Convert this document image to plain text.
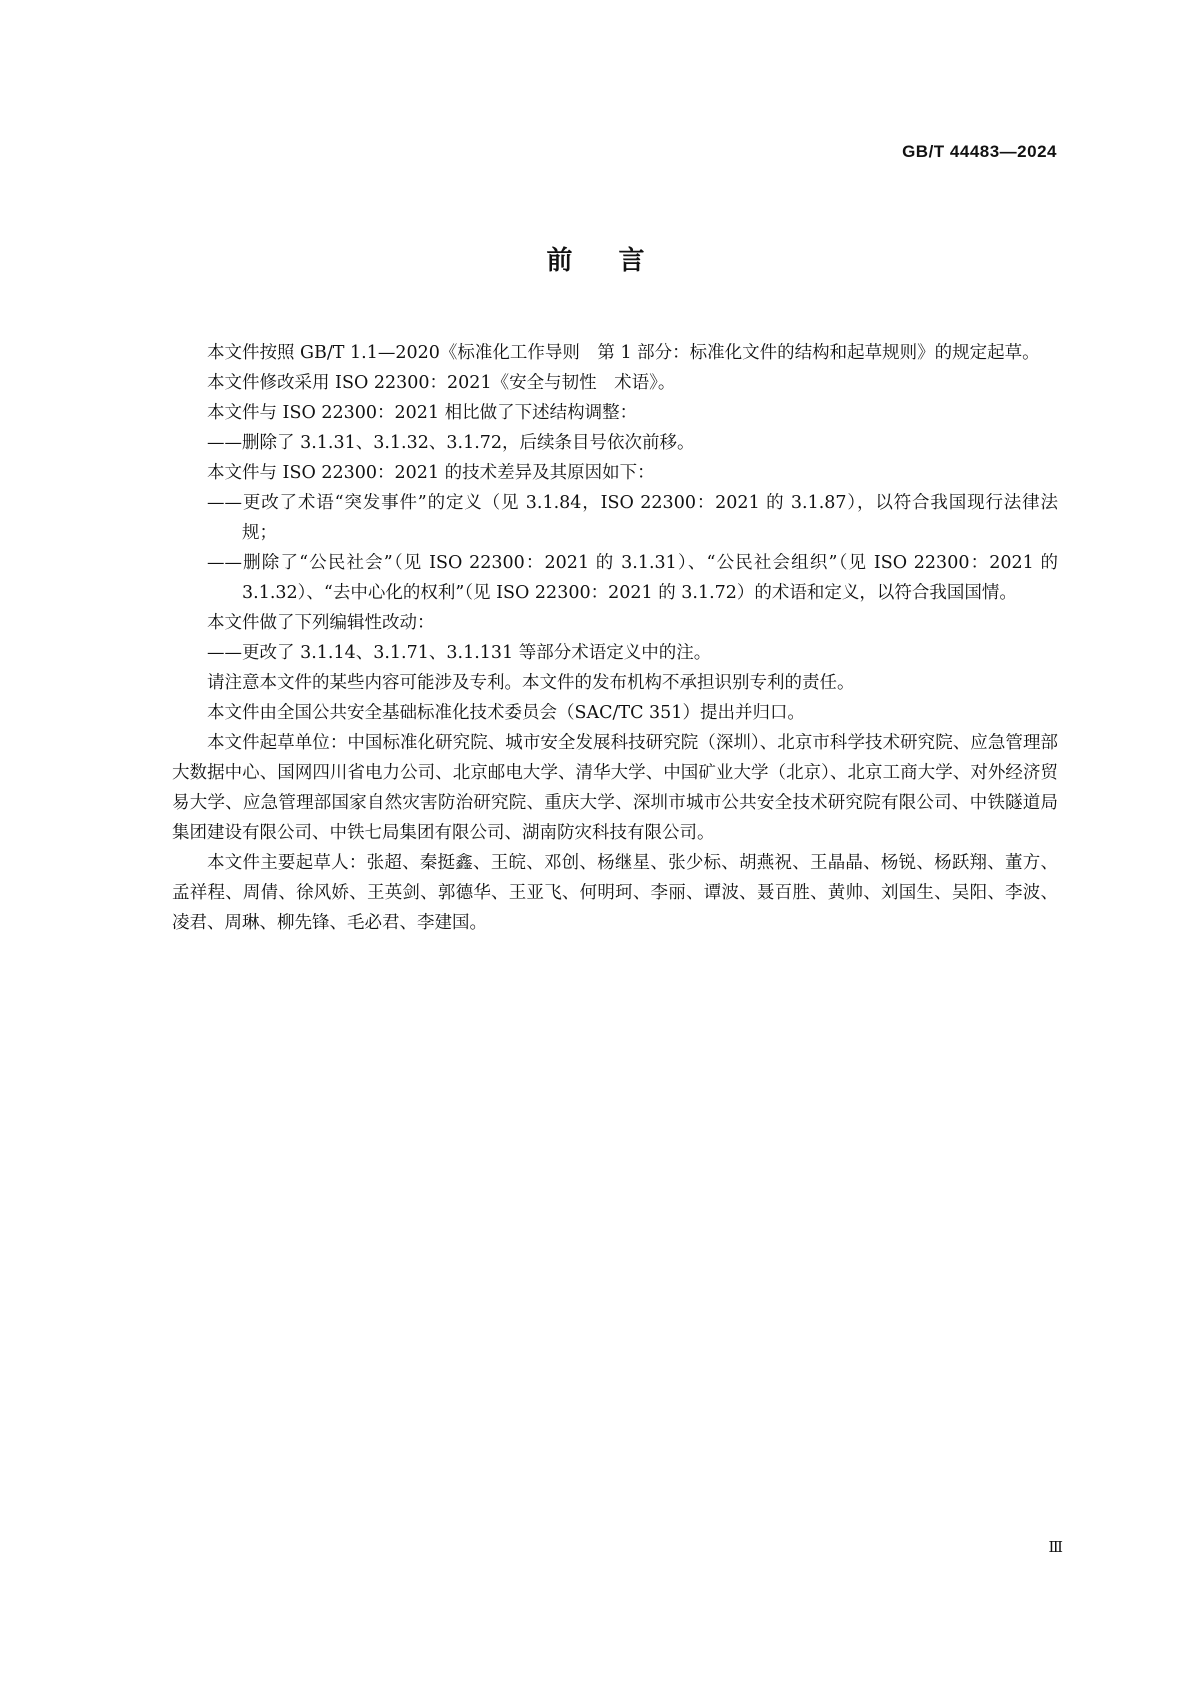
GB/T 44483—2024
前言

本文件按照 GB/T 1.1—2020《标准化工作导则　第 1 部分：标准化文件的结构和起草规则》的规定起草。

本文件修改采用 ISO 22300：2021《安全与韧性　术语》。

本文件与 ISO 22300：2021 相比做了下述结构调整：

——删除了 3.1.31、3.1.32、3.1.72，后续条目号依次前移。

本文件与 ISO 22300：2021 的技术差异及其原因如下：

——更改了术语“突发事件”的定义（见 3.1.84，ISO 22300：2021 的 3.1.87），以符合我国现行法律法规；

——删除了“公民社会”（见 ISO 22300：2021 的 3.1.31）、“公民社会组织”（见 ISO 22300：2021 的 3.1.32）、“去中心化的权利”（见 ISO 22300：2021 的 3.1.72）的术语和定义，以符合我国国情。

本文件做了下列编辑性改动：

——更改了 3.1.14、3.1.71、3.1.131 等部分术语定义中的注。

请注意本文件的某些内容可能涉及专利。本文件的发布机构不承担识别专利的责任。

本文件由全国公共安全基础标准化技术委员会（SAC/TC 351）提出并归口。

本文件起草单位：中国标准化研究院、城市安全发展科技研究院（深圳）、北京市科学技术研究院、应急管理部大数据中心、国网四川省电力公司、北京邮电大学、清华大学、中国矿业大学（北京）、北京工商大学、对外经济贸易大学、应急管理部国家自然灾害防治研究院、重庆大学、深圳市城市公共安全技术研究院有限公司、中铁隧道局集团建设有限公司、中铁七局集团有限公司、湖南防灾科技有限公司。

本文件主要起草人：张超、秦挺鑫、王皖、邓创、杨继星、张少标、胡燕祝、王晶晶、杨锐、杨跃翔、董方、孟祥程、周倩、徐风娇、王英剑、郭德华、王亚飞、何明珂、李丽、谭波、聂百胜、黄帅、刘国生、吴阳、李波、凌君、周琳、柳先锋、毛必君、李建国。

Ⅲ
